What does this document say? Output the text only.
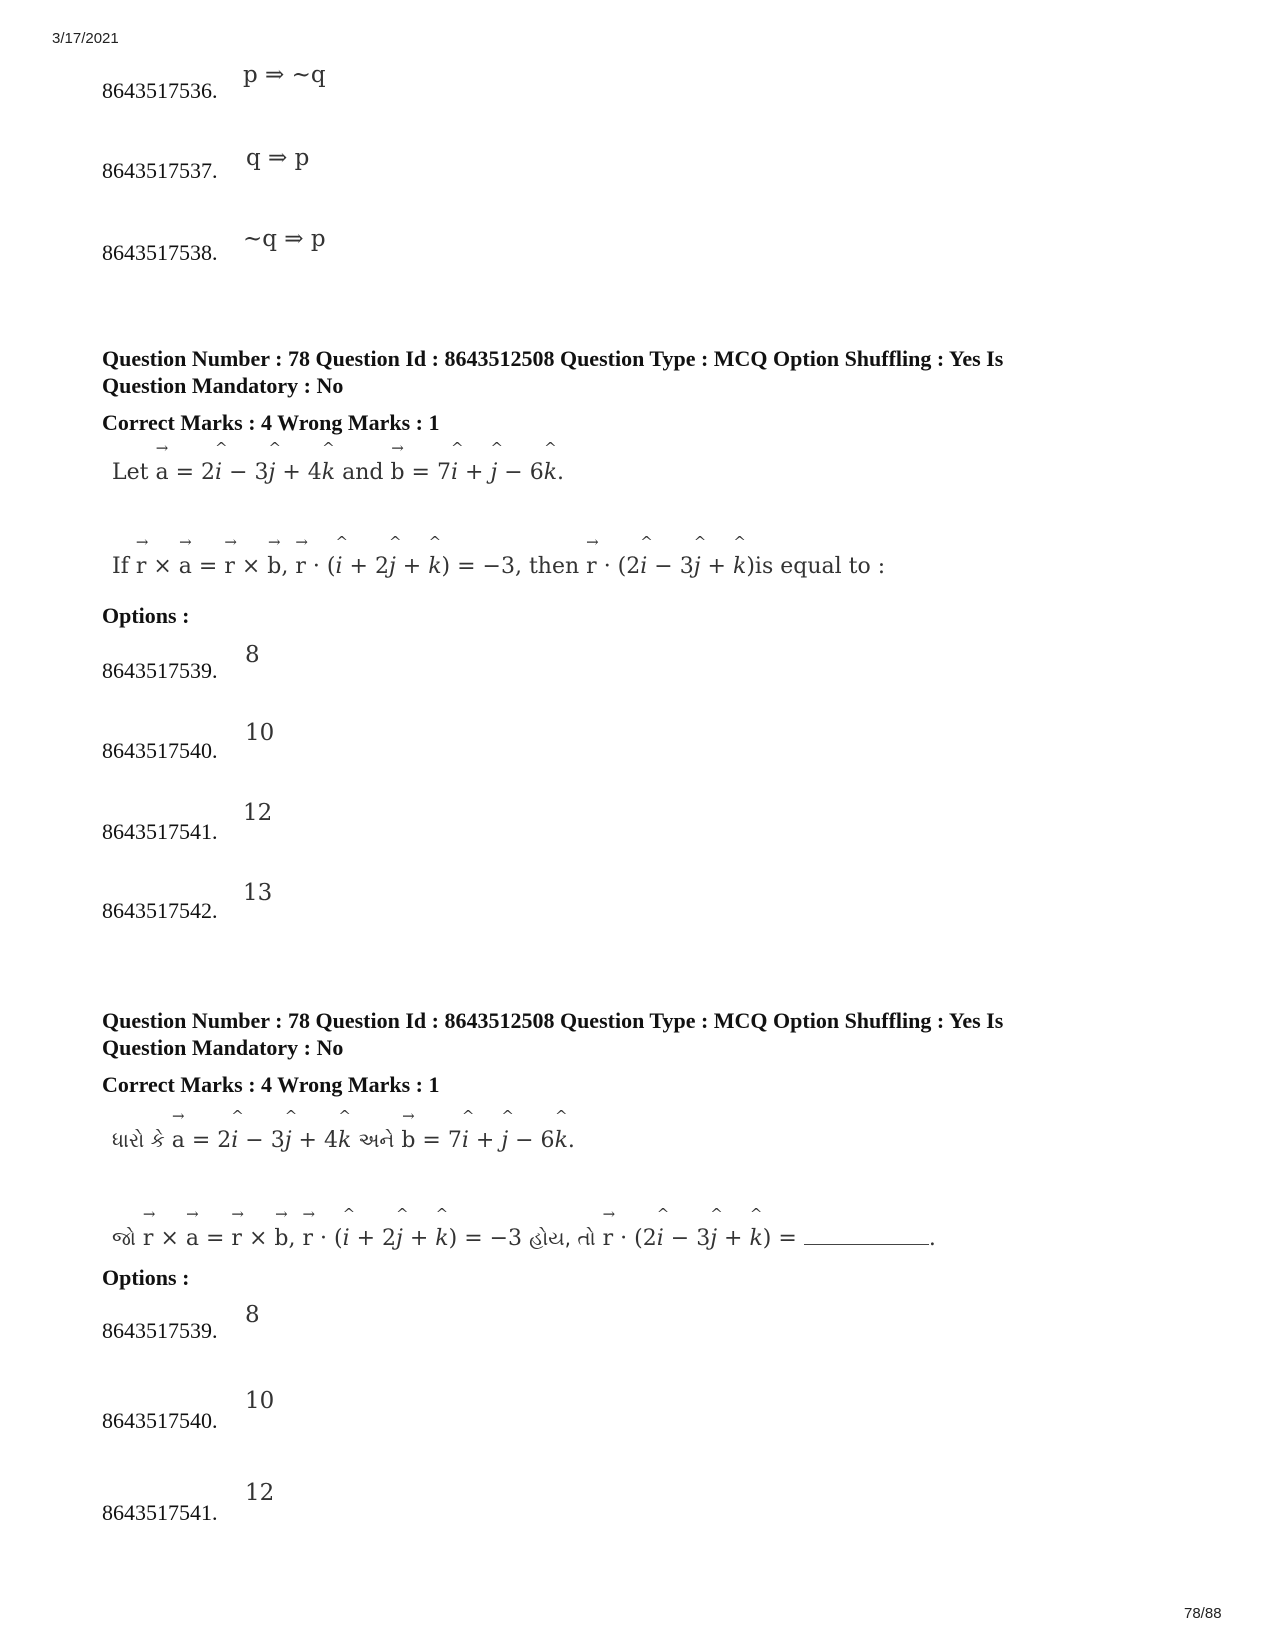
3/17/2021
8643517536.
p ⇒ ~q
8643517537. q ⇒ p
8643517538.
~q ⇒ p
Question Number : 78 Question Id : 8643512508 Question Type : MCQ Option Shuffling : Yes Is
Question Mandatory : No
Correct Marks : 4 Wrong Marks : 1
Let
→
a = 2
^
i − 3
^
j + 4
^
k and
→
b = 7
^
i +
^
j − 6
^
k.
If
→
r ×
→
a =
→
r ×
→
b,
→
r · (
^
i + 2
^
j +
^
k) = −3, then
→
r · (2
^
i − 3
^
j +
^
k)is equal to :
Options :
8643517539.
8
8643517540.
10
8643517541.
12
8643517542.
13
Question Number : 78 Question Id : 8643512508 Question Type : MCQ Option Shuffling : Yes Is
Question Mandatory : No
Correct Marks : 4 Wrong Marks : 1
ધારો કે
→
a = 2
^
i − 3
^
j + 4
^
k અને
→
b = 7
^
i +
^
j − 6
^
k.
જો
→
r ×
→
a =
→
r ×
→
b,
→
r · (
^
i + 2
^
j +
^
k) = −3 હોય, તો
→
r · (2
^
i − 3
^
j +
^
k) =	.
Options :
8643517539.
8
8643517540.
10
8643517541.
12
78/88
